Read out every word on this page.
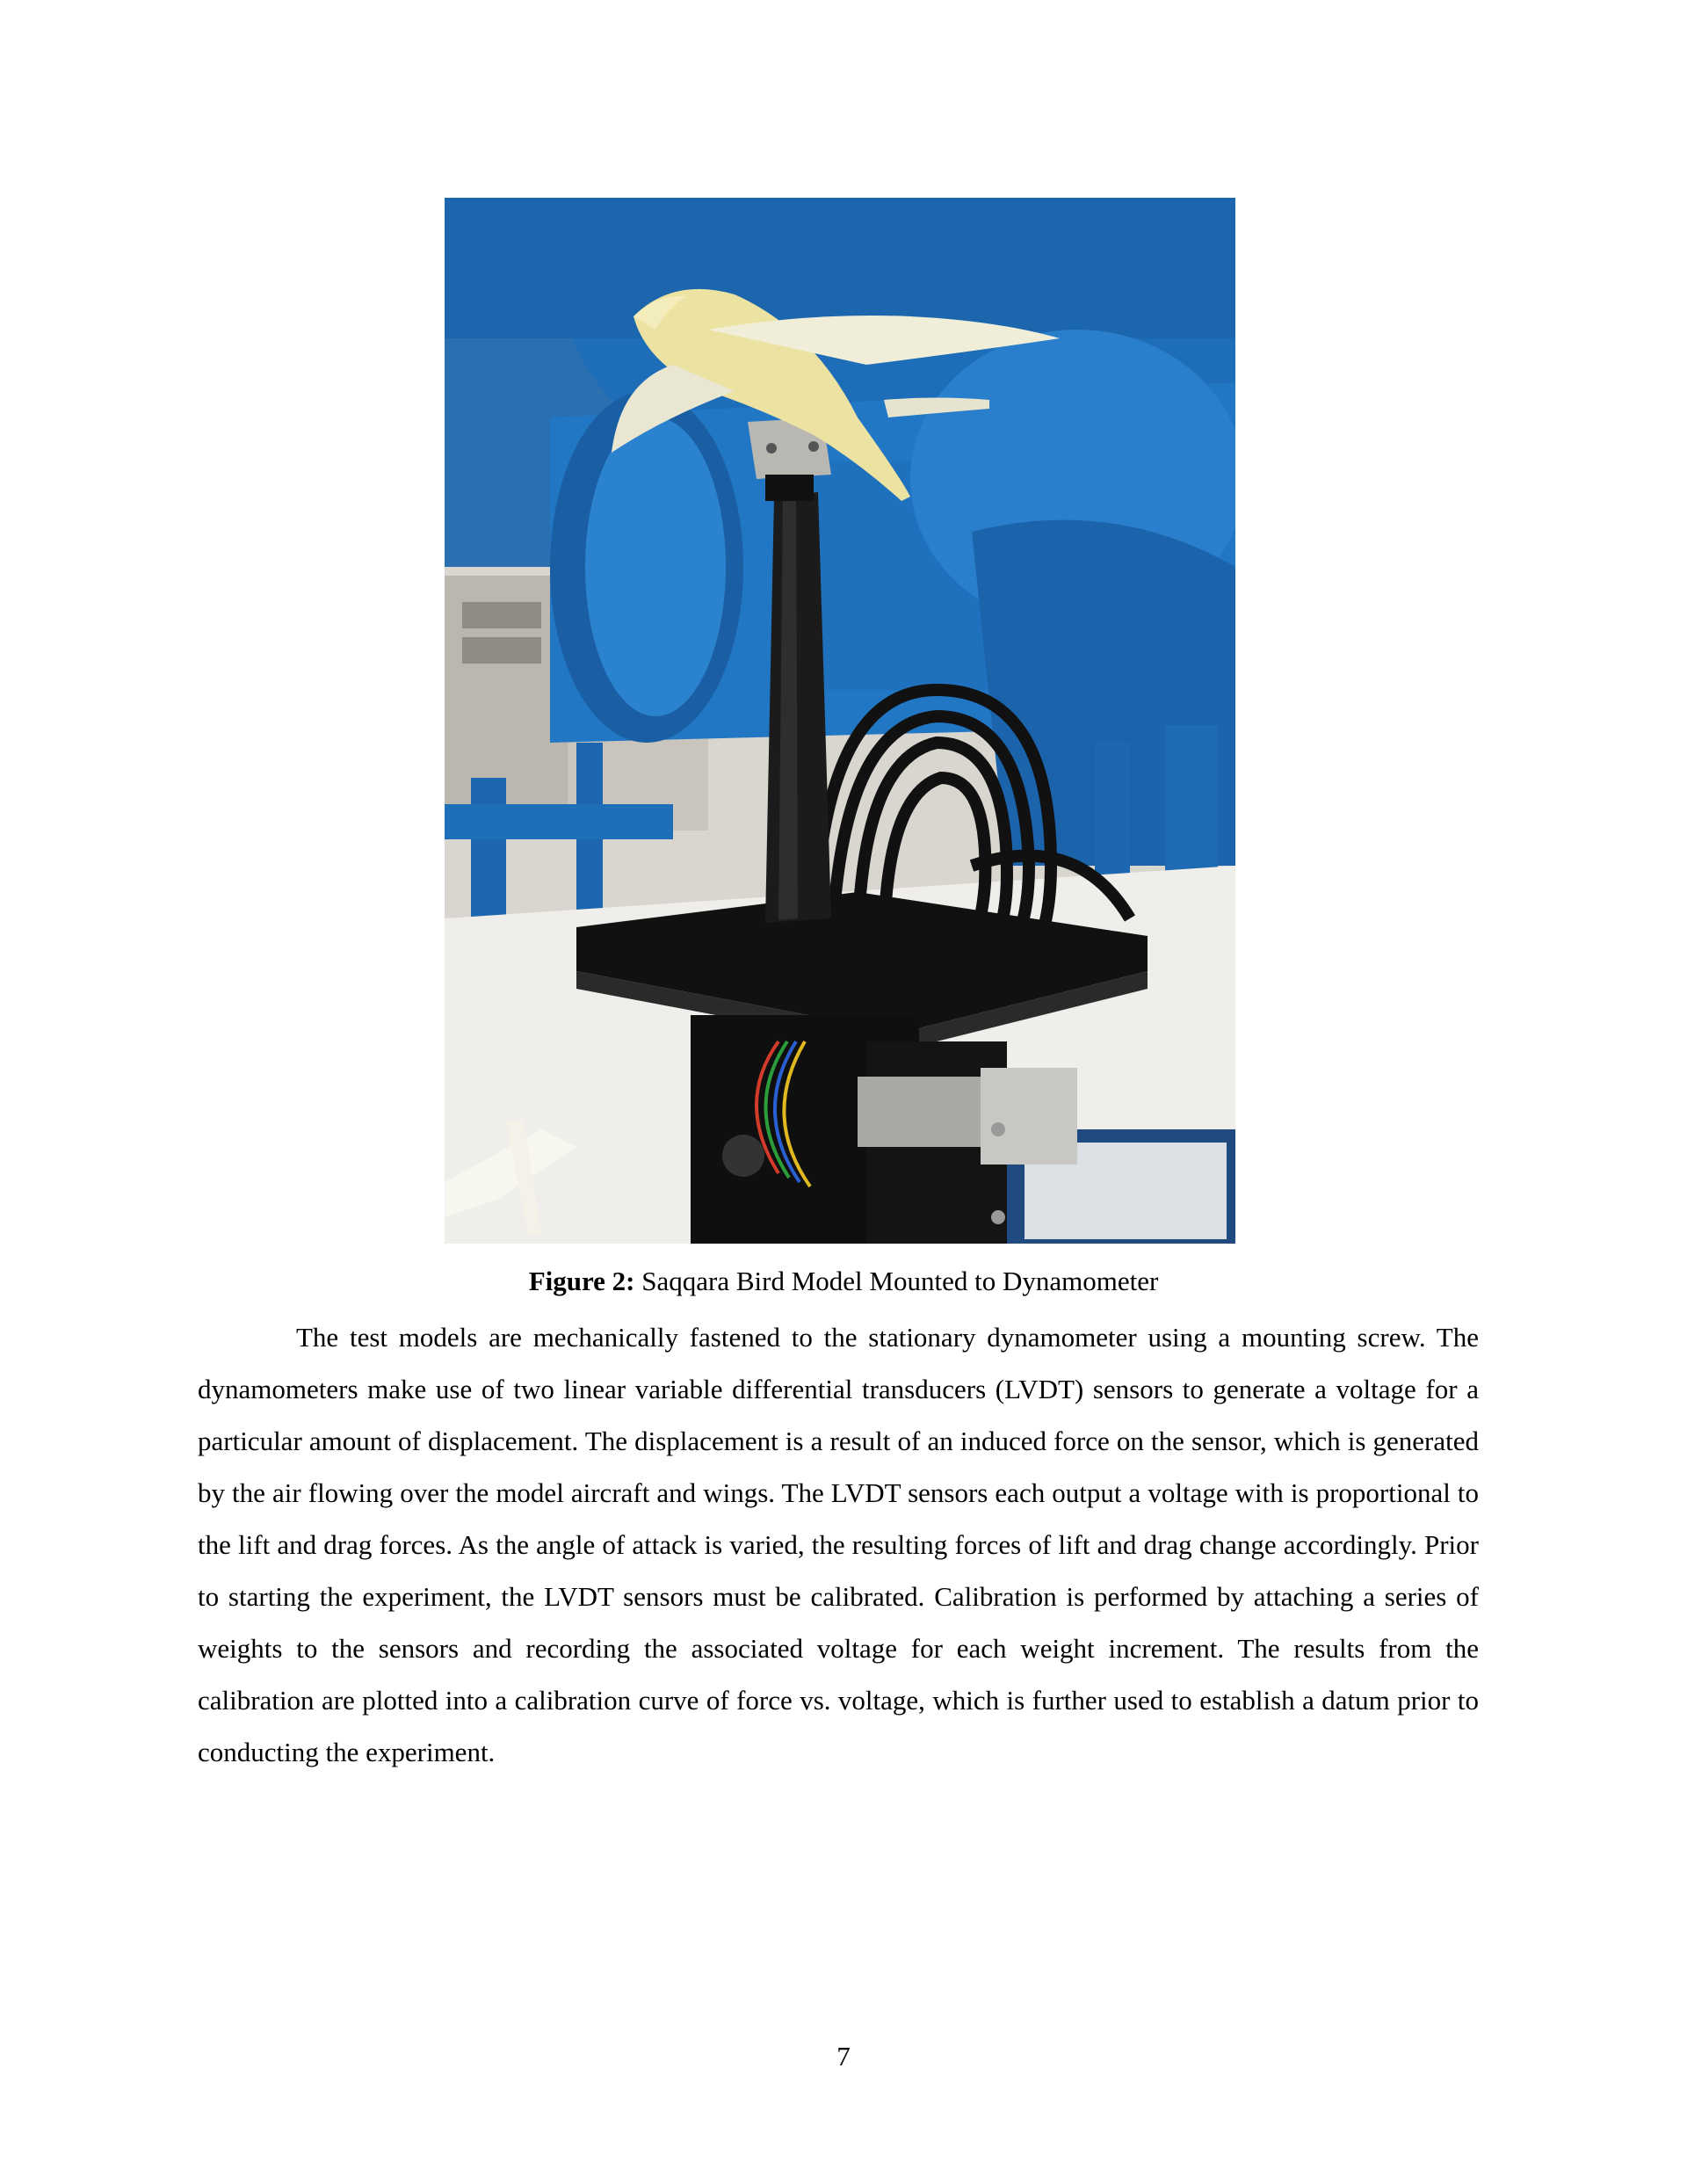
Figure 2: Saqqara Bird Model Mounted to Dynamometer

The test models are mechanically fastened to the stationary dynamometer using a mounting screw. The dynamometers make use of two linear variable differential transducers (LVDT) sensors to generate a voltage for a particular amount of displacement. The displacement is a result of an induced force on the sensor, which is generated by the air flowing over the model aircraft and wings. The LVDT sensors each output a voltage with is proportional to the lift and drag forces. As the angle of attack is varied, the resulting forces of lift and drag change accordingly. Prior to starting the experiment, the LVDT sensors must be calibrated. Calibration is performed by attaching a series of weights to the sensors and recording the associated voltage for each weight increment. The results from the calibration are plotted into a calibration curve of force vs. voltage, which is further used to establish a datum prior to conducting the experiment.

7
